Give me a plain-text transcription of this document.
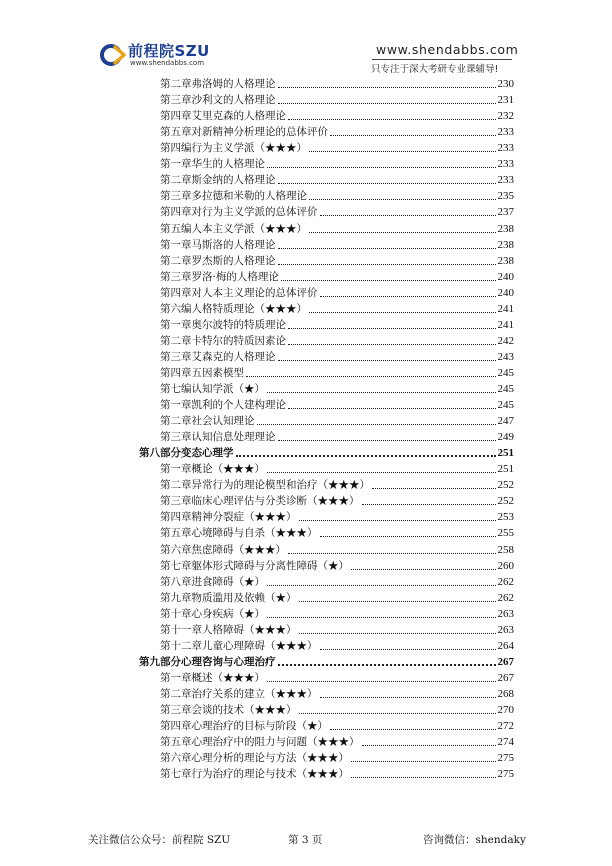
前程院SZU
www.shendabbs.com
www.shendabbs.com
只专注于深大考研专业课辅导!
第二章弗洛姆的人格理论	230
第三章沙利文的人格理论	231
第四章艾里克森的人格理论	232
第五章对新精神分析理论的总体评价	233
第四编行为主义学派（★★★）	233
第一章华生的人格理论	233
第二章斯金纳的人格理论	233
第三章多拉德和米勒的人格理论	235
第四章对行为主义学派的总体评价	237
第五编人本主义学派（★★★）	238
第一章马斯洛的人格理论	238
第二章罗杰斯的人格理论	238
第三章罗洛·梅的人格理论	240
第四章对人本主义理论的总体评价	240
第六编人格特质理论（★★★）	241
第一章奥尔波特的特质理论	241
第二章卡特尔的特质因素论	242
第三章艾森克的人格理论	243
第四章五因素模型	245
第七编认知学派（★）	245
第一章凯利的个人建构理论	245
第二章社会认知理论	247
第三章认知信息处理理论	249
第八部分变态心理学	251
第一章概论（★★★）	251
第二章异常行为的理论模型和治疗（★★★）	252
第三章临床心理评估与分类诊断（★★★）	252
第四章精神分裂症（★★★）	253
第五章心境障碍与自杀（★★★）	255
第六章焦虑障碍（★★★）	258
第七章躯体形式障碍与分离性障碍（★）	260
第八章进食障碍（★）	262
第九章物质滥用及依赖（★）	262
第十章心身疾病（★）	263
第十一章人格障碍（★★★）	263
第十二章儿童心理障碍（★★★）	264
第九部分心理咨询与心理治疗	267
第一章概述（★★★）	267
第二章治疗关系的建立（★★★）	268
第三章会谈的技术（★★★）	270
第四章心理治疗的目标与阶段（★）	272
第五章心理治疗中的阻力与问题（★★★）	274
第六章心理分析的理论与方法（★★★）	275
第七章行为治疗的理论与技术（★★★）	275
关注微信公众号：前程院 SZU	第 3 页	咨询微信：shendaky
